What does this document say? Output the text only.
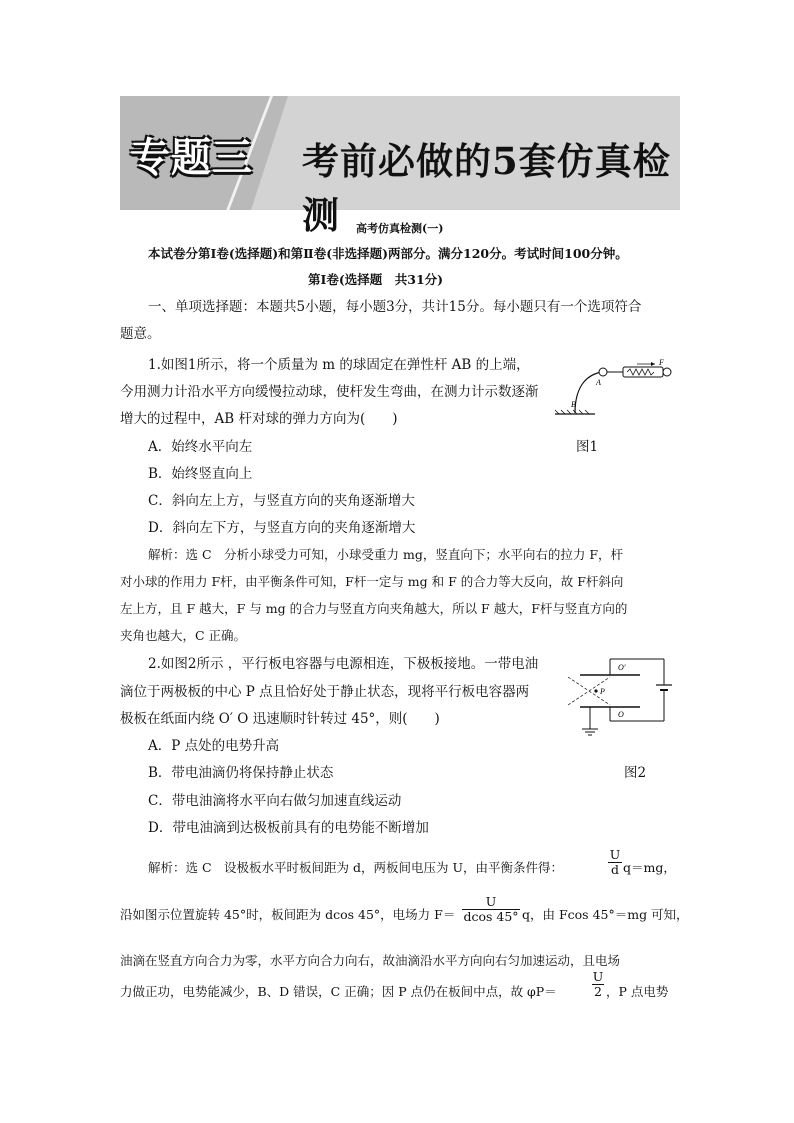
专题三 考前必做的5套仿真检测	高考仿真检测(一)
本试卷分第Ⅰ卷(选择题)和第Ⅱ卷(非选择题)两部分。满分120分。考试时间100分钟。
第Ⅰ卷(选择题　共31分)
一、单项选择题：本题共5小题，每小题3分，共计15分。每小题只有一个选项符合
题意。
1.如图1所示，将一个质量为 m 的球固定在弹性杆 AB 的上端，
今用测力计沿水平方向缓慢拉动球，使杆发生弯曲，在测力计示数逐渐
增大的过程中，AB 杆对球的弹力方向为(　　)
A．始终水平向左
B．始终竖直向上
C．斜向左上方，与竖直方向的夹角逐渐增大
D．斜向左下方，与竖直方向的夹角逐渐增大
图1
F
A
B
解析：选 C　分析小球受力可知，小球受重力 mg，竖直向下；水平向右的拉力 F，杆
对小球的作用力 F杆，由平衡条件可知，F杆一定与 mg 和 F 的合力等大反向，故 F杆斜向
左上方，且 F 越大，F 与 mg 的合力与竖直方向夹角越大，所以 F 越大，F杆与竖直方向的
夹角也越大，C 正确。
2.如图2所示 ，平行板电容器与电源相连，下极板接地。一带电油
滴位于两极板的中心 P 点且恰好处于静止状态，现将平行板电容器两
极板在纸面内绕 O′ O 迅速顺时针转过 45°，则(　　)
A．P 点处的电势升高
B．带电油滴仍将保持静止状态
C．带电油滴将水平向右做匀加速直线运动
D．带电油滴到达极板前具有的电势能不断增加
图2
O′
P
O
解析：选 C　设极板水平时板间距为 d，两板间电压为 U，由平衡条件得：
U
d q＝mg，
沿如图示位置旋转 45°时，板间距为 dcos 45°，电场力 F＝
U
dcos 45° q，由 Fcos 45°＝mg 可知，
油滴在竖直方向合力为零，水平方向合力向右，故油滴沿水平方向向右匀加速运动，且电场
力做正功，电势能减少，B、D 错误，C 正确；因 P 点仍在板间中点，故 φP＝
U
2 ，P 点电势
